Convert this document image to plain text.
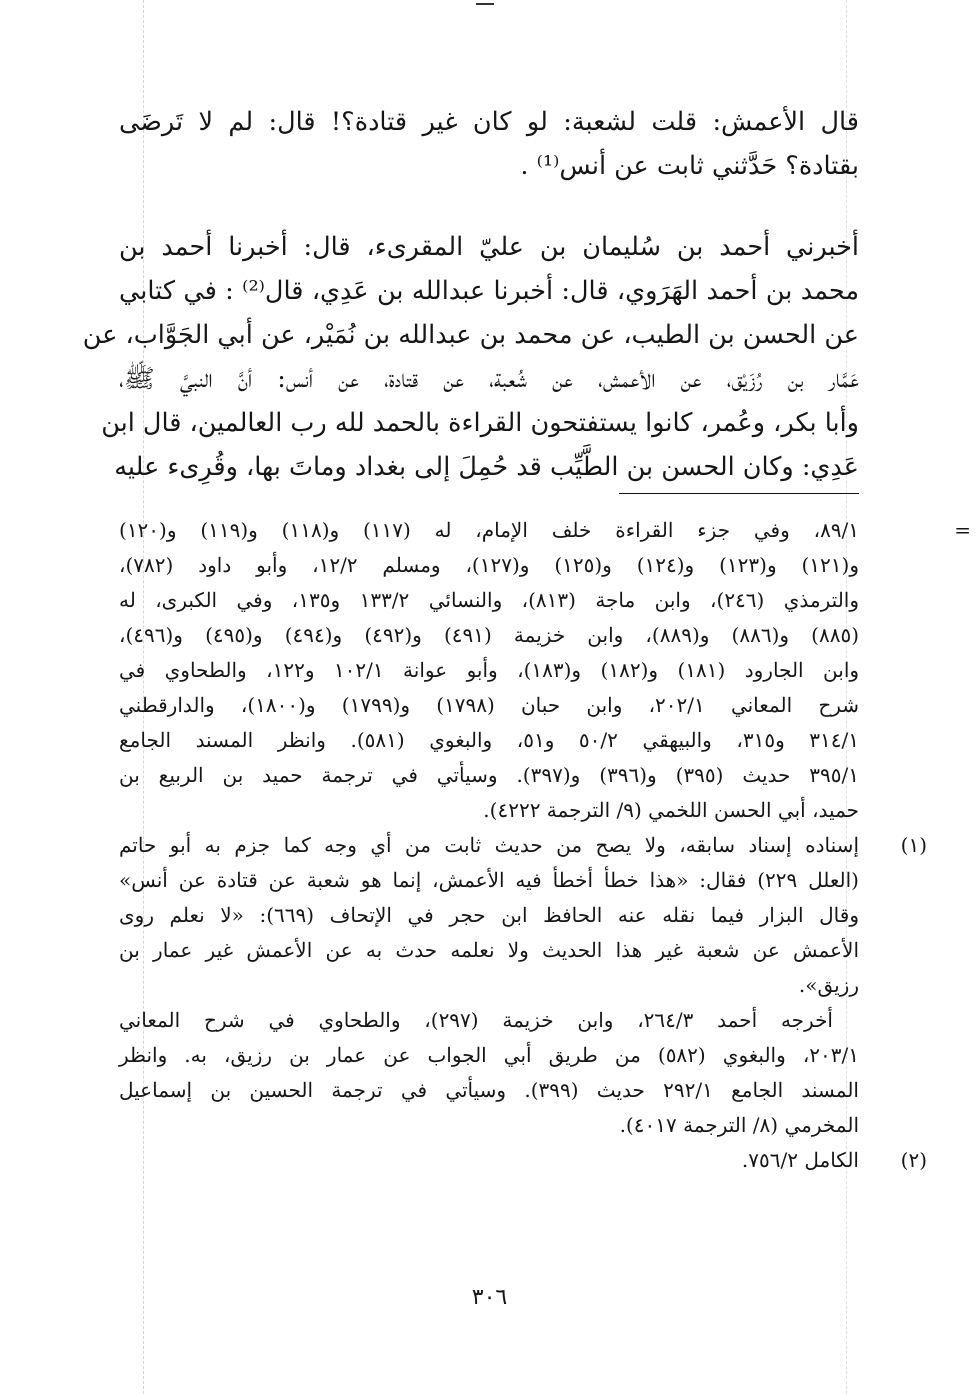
قال الأعمش: قلت لشعبة: لو كان غير قتادة؟! قال: لم لا تَرضَى
بقتادة؟ حَدَّثني ثابت عن أنس⁽¹⁾ .
أخبرني أحمد بن سُليمان بن عليّ المقرىء، قال: أخبرنا أحمد بن
محمد بن أحمد الهَرَوي، قال: أخبرنا عبدالله بن عَدِي، قال⁽²⁾ : في كتابي
عن الحسن بن الطيب، عن محمد بن عبدالله بن نُمَيْر، عن أبي الجَوَّاب، عن
عَمَّار بن رُزَيْق، عن الأعمش، عن شُعبة، عن قتادة، عن أنس: أنَّ النبيَّ ﷺ،
وأبا بكر، وعُمر، كانوا يستفتحون القراءة بالحمد لله رب العالمين، قال ابن
عَدِي: وكان الحسن بن الطَّيِّب قد حُمِلَ إلى بغداد وماتَ بها، وقُرِىء عليه
=
٨٩/١، وفي جزء القراءة خلف الإمام، له (١١٧) و(١١٨) و(١١٩) و(١٢٠)
و(١٢١) و(١٢٣) و(١٢٤) و(١٢٥) و(١٢٧)، ومسلم ١٢/٢، وأبو داود (٧٨٢)،
والترمذي (٢٤٦)، وابن ماجة (٨١٣)، والنسائي ١٣٣/٢ و١٣٥، وفي الكبرى، له
(٨٨٥) و(٨٨٦) و(٨٨٩)، وابن خزيمة (٤٩١) و(٤٩٢) و(٤٩٤) و(٤٩٥) و(٤٩٦)،
وابن الجارود (١٨١) و(١٨٢) و(١٨٣)، وأبو عوانة ١٠٢/١ و١٢٢، والطحاوي في
شرح المعاني ٢٠٢/١، وابن حبان (١٧٩٨) و(١٧٩٩) و(١٨٠٠)، والدارقطني
٣١٤/١ و٣١٥، والبيهقي ٥٠/٢ و٥١، والبغوي (٥٨١). وانظر المسند الجامع
٣٩٥/١ حديث (٣٩٥) و(٣٩٦) و(٣٩٧). وسيأتي في ترجمة حميد بن الربيع بن
حميد، أبي الحسن اللخمي (٩/ الترجمة ٤٢٢٢).
(١)
إسناده إسناد سابقه، ولا يصح من حديث ثابت من أي وجه كما جزم به أبو حاتم
(العلل ٢٢٩) فقال: «هذا خطأ أخطأ فيه الأعمش، إنما هو شعبة عن قتادة عن أنس»
وقال البزار فيما نقله عنه الحافظ ابن حجر في الإتحاف (٦٦٩): «لا نعلم روى
الأعمش عن شعبة غير هذا الحديث ولا نعلمه حدث به عن الأعمش غير عمار بن
رزيق».
أخرجه أحمد ٢٦٤/٣، وابن خزيمة (٢٩٧)، والطحاوي في شرح المعاني
٢٠٣/١، والبغوي (٥٨٢) من طريق أبي الجواب عن عمار بن رزيق، به. وانظر
المسند الجامع ٢٩٢/١ حديث (٣٩٩). وسيأتي في ترجمة الحسين بن إسماعيل
المخرمي (٨/ الترجمة ٤٠١٧).
(٢)
الكامل ٧٥٦/٢.
٣٠٦
